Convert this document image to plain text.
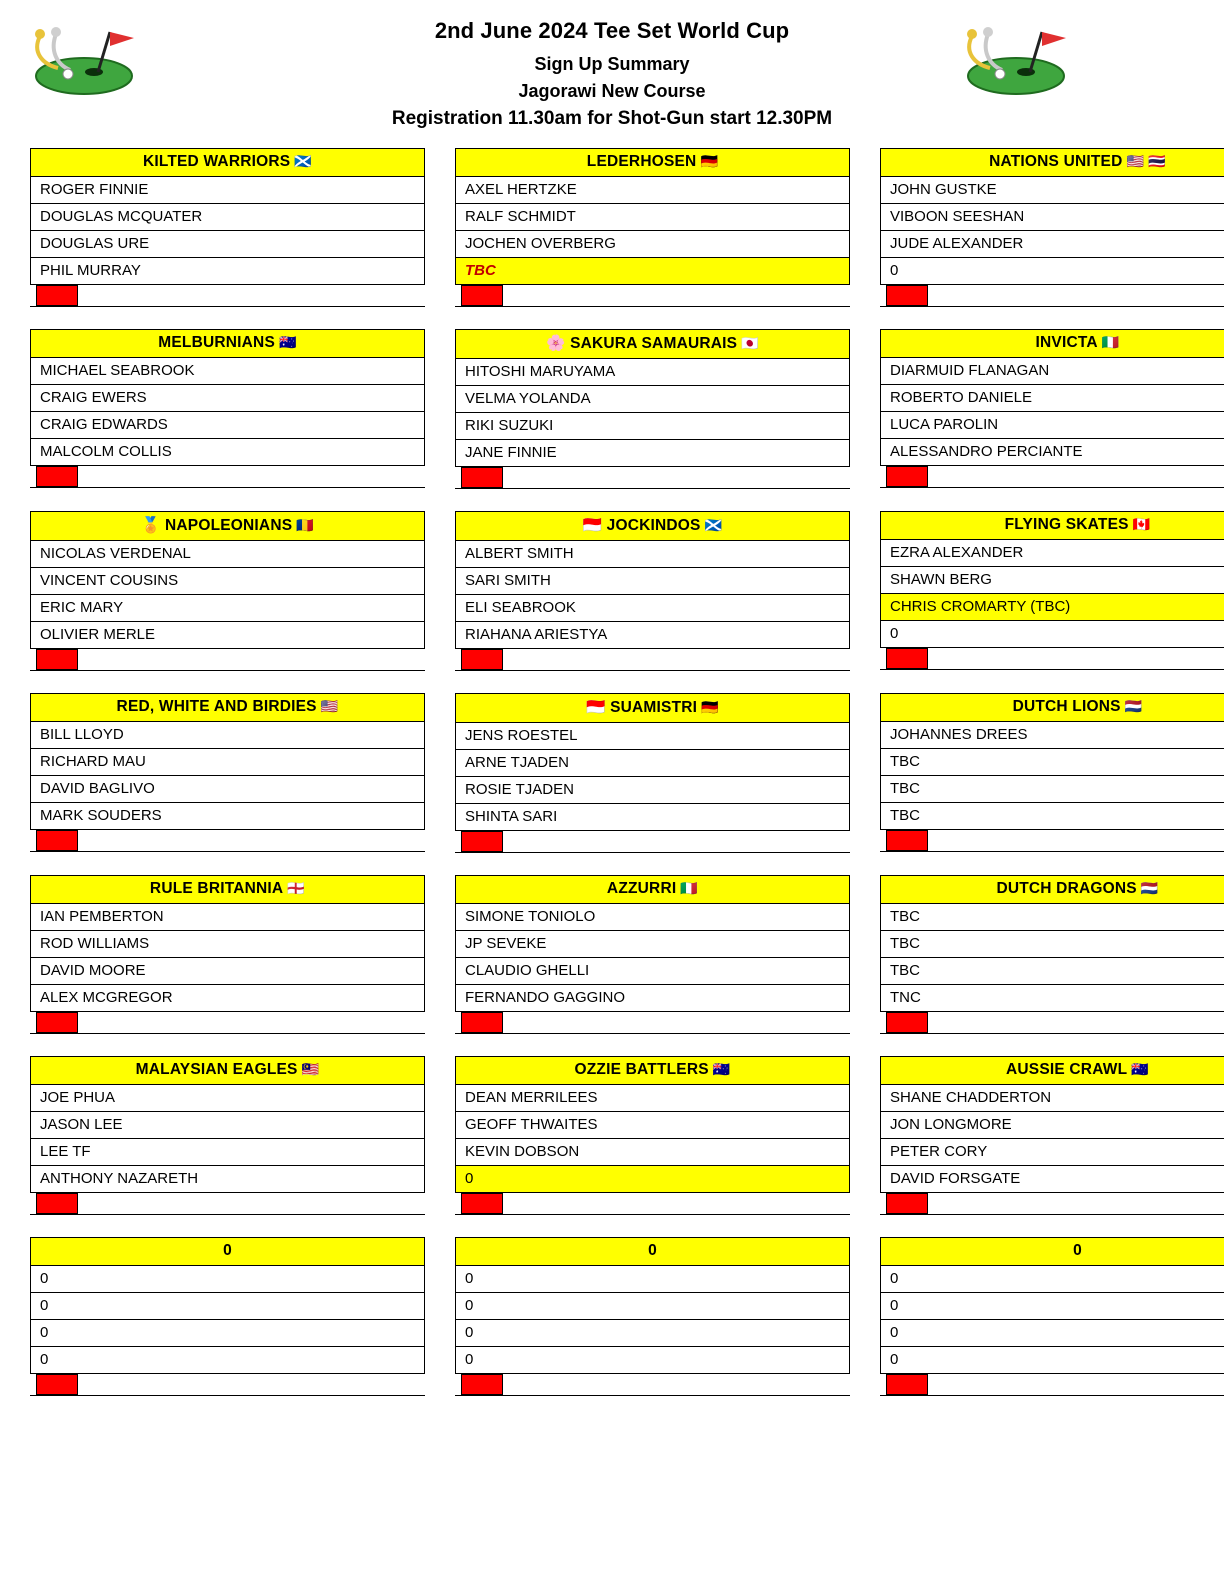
2nd June 2024 Tee Set World Cup
Sign Up Summary
Jagorawi New Course
Registration 11.30am for Shot-Gun start 12.30PM
KILTED WARRIORS 🏴󠁧󠁢󠁳󠁣󠁴󠁿
ROGER FINNIE
DOUGLAS MCQUATER
DOUGLAS URE
PHIL MURRAY
LEDERHOSEN 🇩🇪
AXEL HERTZKE
RALF SCHMIDT
JOCHEN OVERBERG
TBC
NATIONS UNITED 🇺🇸 🇹🇭
JOHN GUSTKE
VIBOON SEESHAN
JUDE ALEXANDER
0
MELBURNIANS 🇦🇺
MICHAEL SEABROOK
CRAIG EWERS
CRAIG EDWARDS
MALCOLM COLLIS
🌸 SAKURA SAMAURAIS 🇯🇵
HITOSHI MARUYAMA
VELMA YOLANDA
RIKI SUZUKI
JANE FINNIE
INVICTA 🇮🇹
DIARMUID FLANAGAN
ROBERTO DANIELE
LUCA PAROLIN
ALESSANDRO PERCIANTE
🏅 NAPOLEONIANS 🇷🇴
NICOLAS VERDENAL
VINCENT COUSINS
ERIC MARY
OLIVIER MERLE
🇮🇩 JOCKINDOS 🏴󠁧󠁢󠁳󠁣󠁴󠁿
ALBERT SMITH
SARI SMITH
ELI SEABROOK
RIAHANA ARIESTYA
FLYING SKATES 🇨🇦
EZRA ALEXANDER
SHAWN BERG
CHRIS CROMARTY (TBC)
0
RED, WHITE AND BIRDIES 🇺🇸
BILL LLOYD
RICHARD MAU
DAVID BAGLIVO
MARK SOUDERS
🇮🇩 SUAMISTRI 🇩🇪
JENS ROESTEL
ARNE TJADEN
ROSIE TJADEN
SHINTA SARI
DUTCH LIONS 🇳🇱
JOHANNES DREES
TBC
TBC
TBC
RULE BRITANNIA 🏴󠁧󠁢󠁥󠁮󠁧󠁿
IAN PEMBERTON
ROD WILLIAMS
DAVID MOORE
ALEX MCGREGOR
AZZURRI 🇮🇹
SIMONE TONIOLO
JP SEVEKE
CLAUDIO GHELLI
FERNANDO GAGGINO
DUTCH DRAGONS 🇳🇱
TBC
TBC
TBC
TNC
MALAYSIAN EAGLES 🇲🇾
JOE PHUA
JASON LEE
LEE TF
ANTHONY NAZARETH
OZZIE BATTLERS 🇦🇺
DEAN MERRILEES
GEOFF THWAITES
KEVIN DOBSON
0
AUSSIE CRAWL 🇦🇺
SHANE CHADDERTON
JON LONGMORE
PETER CORY
DAVID FORSGATE
0
0
0
0
0
0
0
0
0
0
0
0
0
0
0
